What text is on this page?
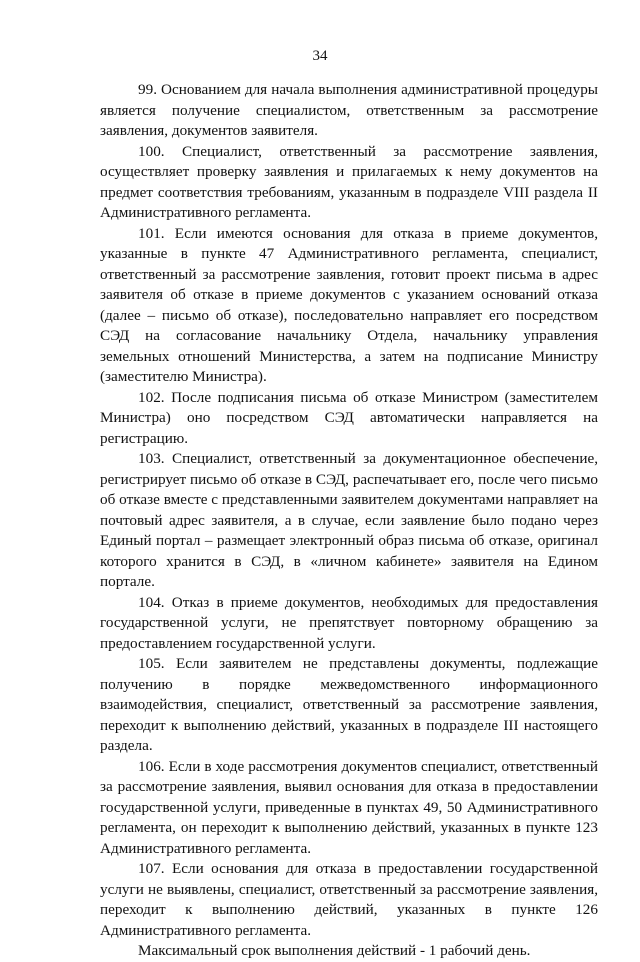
34

99. Основанием для начала выполнения административной процедуры является получение специалистом, ответственным за рассмотрение заявления, документов заявителя.

100. Специалист, ответственный за рассмотрение заявления, осуществляет проверку заявления и прилагаемых к нему документов на предмет соответствия требованиям, указанным в подразделе VIII раздела II Административного регламента.

101. Если имеются основания для отказа в приеме документов, указанные в пункте 47 Административного регламента, специалист, ответственный за рассмотрение заявления, готовит проект письма в адрес заявителя об отказе в приеме документов с указанием оснований отказа (далее – письмо об отказе), последовательно направляет его посредством СЭД на согласование начальнику Отдела, начальнику управления земельных отношений Министерства, а затем на подписание Министру (заместителю Министра).

102. После подписания письма об отказе Министром (заместителем Министра) оно посредством СЭД автоматически направляется на регистрацию.

103. Специалист, ответственный за документационное обеспечение, регистрирует письмо об отказе в СЭД, распечатывает его, после чего письмо об отказе вместе с представленными заявителем документами направляет на почтовый адрес заявителя, а в случае, если заявление было подано через Единый портал – размещает электронный образ письма об отказе, оригинал которого хранится в СЭД, в «личном кабинете» заявителя на Едином портале.

104. Отказ в приеме документов, необходимых для предоставления государственной услуги, не препятствует повторному обращению за предоставлением государственной услуги.

105. Если заявителем не представлены документы, подлежащие получению в порядке межведомственного информационного взаимодействия, специалист, ответственный за рассмотрение заявления, переходит к выполнению действий, указанных в подразделе III настоящего раздела.

106. Если в ходе рассмотрения документов специалист, ответственный за рассмотрение заявления, выявил основания для отказа в предоставлении государственной услуги, приведенные в пунктах 49, 50 Административного регламента, он переходит к выполнению действий, указанных в пункте 123 Административного регламента.

107. Если основания для отказа в предоставлении государственной услуги не выявлены, специалист, ответственный за рассмотрение заявления, переходит к выполнению действий, указанных в пункте 126 Административного регламента.

Максимальный срок выполнения действий - 1 рабочий день.
